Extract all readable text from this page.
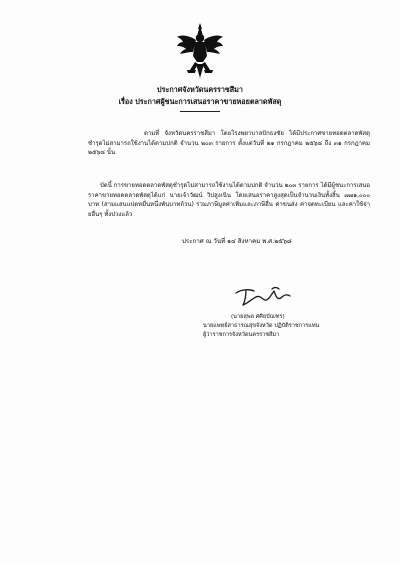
ประกาศจังหวัดนครราชสีมา
เรื่อง ประกาศผู้ชนะการเสนอราคาขายหอยตลาดพัสดุ
ตามที่ จังหวัดนครราชสีมา โดยโรงพยาบาลปักธงชัย ได้มีประกาศขายทอดตลาดพัสดุชำรุดไม่สามารถใช้งานได้ตามปกติ จำนวน ๒๐๓ รายการ ตั้งแต่วันที่ ๒๑ กรกฎาคม ๒๕๖๘ ถึง ๓๑ กรกฎาคม ๒๕๖๘ นั้น
บัดนี้ การขายทอดตลาดพัสดุชำรุดไม่สามารถใช้งานได้ตามปกติ จำนวน ๒๐๓ รายการ ได้มีผู้ชนะการเสนอราคาขายทอดตลาดพัสดุได้แก่ นายเจ้าวัฒน์ วิปสูงเนิน โดยเสนอราคาสูงสุดเป็นจำนวนเงินทั้งสิ้น ๗๗๑,๐๐๐ บาท (สามแสนแปดหมื่นหนึ่งพันบาทถ้วน) รวมภาษีมูลค่าเพิ่มและภาษีอื่น ค่าขนส่ง ค่าจดทะเบียน และค่าใช้จ่ายอื่นๆ ทั้งปวงแล้ว
ประกาศ ณ วันที่ ๑๔ สิงหาคม พ.ศ.๒๕๖๘
(นายสุพล ศศิยบัณฑร)
นายแพทย์สาธารณสุขจังหวัด ปฏิบัติราชการแทน
ผู้ว่าราชการจังหวัดนครราชสีมา
